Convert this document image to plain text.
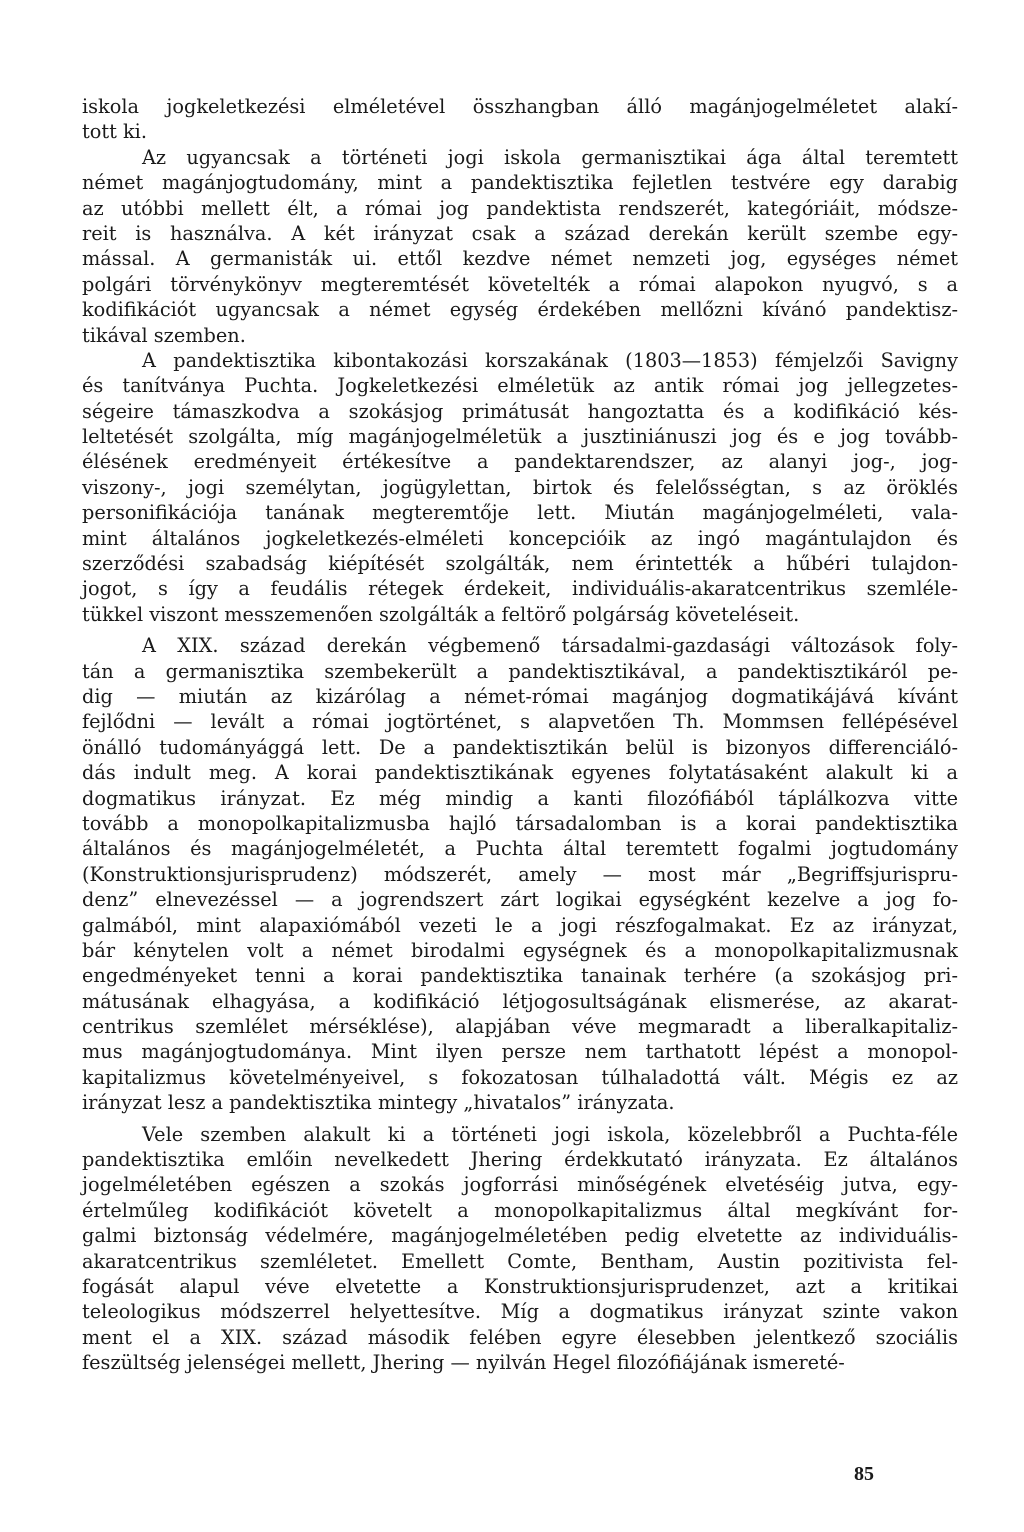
iskola jogkeletkezési elméletével összhangban álló magánjogelméletet alakí-
tott ki.
Az ugyancsak a történeti jogi iskola germanisztikai ága által teremtett
német magánjogtudomány, mint a pandektisztika fejletlen testvére egy darabig
az utóbbi mellett élt, a római jog pandektista rendszerét, kategóriáit, módsze-
reit is használva. A két irányzat csak a század derekán került szembe egy-
mással. A germanisták ui. ettől kezdve német nemzeti jog, egységes német
polgári törvénykönyv megteremtését követelték a római alapokon nyugvó, s a
kodifikációt ugyancsak a német egység érdekében mellőzni kívánó pandektisz-
tikával szemben.
A pandektisztika kibontakozási korszakának (1803—1853) fémjelzői Savigny
és tanítványa Puchta. Jogkeletkezési elméletük az antik római jog jellegzetes-
ségeire támaszkodva a szokásjog primátusát hangoztatta és a kodifikáció kés-
leltetését szolgálta, míg magánjogelméletük a jusztiniánuszi jog és e jog tovább-
élésének eredményeit értékesítve a pandektarendszer, az alanyi jog-, jog-
viszony-, jogi személytan, jogügylettan, birtok és felelősségtan, s az öröklés
personifikációja tanának megteremtője lett. Miután magánjogelméleti, vala-
mint általános jogkeletkezés-elméleti koncepcióik az ingó magántulajdon és
szerződési szabadság kiépítését szolgálták, nem érintették a hűbéri tulajdon-
jogot, s így a feudális rétegek érdekeit, individuális-akaratcentrikus szemléle-
tükkel viszont messzemenően szolgálták a feltörő polgárság követeléseit.
A XIX. század derekán végbemenő társadalmi-gazdasági változások foly-
tán a germanisztika szembekerült a pandektisztikával, a pandektisztikáról pe-
dig — miután az kizárólag a német-római magánjog dogmatikájává kívánt
fejlődni — levált a római jogtörténet, s alapvetően Th. Mommsen fellépésével
önálló tudományággá lett. De a pandektisztikán belül is bizonyos differenciáló-
dás indult meg. A korai pandektisztikának egyenes folytatásaként alakult ki a
dogmatikus irányzat. Ez még mindig a kanti filozófiából táplálkozva vitte
tovább a monopolkapitalizmusba hajló társadalomban is a korai pandektisztika
általános és magánjogelméletét, a Puchta által teremtett fogalmi jogtudomány
(Konstruktionsjurisprudenz) módszerét, amely — most már „Begriffsjurispru-
denz” elnevezéssel — a jogrendszert zárt logikai egységként kezelve a jog fo-
galmából, mint alapaxiómából vezeti le a jogi részfogalmakat. Ez az irányzat,
bár kénytelen volt a német birodalmi egységnek és a monopolkapitalizmusnak
engedményeket tenni a korai pandektisztika tanainak terhére (a szokásjog pri-
mátusának elhagyása, a kodifikáció létjogosultságának elismerése, az akarat-
centrikus szemlélet mérséklése), alapjában véve megmaradt a liberalkapitaliz-
mus magánjogtudománya. Mint ilyen persze nem tarthatott lépést a monopol-
kapitalizmus követelményeivel, s fokozatosan túlhaladottá vált. Mégis ez az
irányzat lesz a pandektisztika mintegy „hivatalos” irányzata.
Vele szemben alakult ki a történeti jogi iskola, közelebbről a Puchta-féle
pandektisztika emlőin nevelkedett Jhering érdekkutató irányzata. Ez általános
jogelméletében egészen a szokás jogforrási minőségének elvetéséig jutva, egy-
értelműleg kodifikációt követelt a monopolkapitalizmus által megkívánt for-
galmi biztonság védelmére, magánjogelméletében pedig elvetette az individuális-
akaratcentrikus szemléletet. Emellett Comte, Bentham, Austin pozitivista fel-
fogását alapul véve elvetette a Konstruktionsjurisprudenzet, azt a kritikai
teleologikus módszerrel helyettesítve. Míg a dogmatikus irányzat szinte vakon
ment el a XIX. század második felében egyre élesebben jelentkező szociális
feszültség jelenségei mellett, Jhering — nyilván Hegel filozófiájának ismereté-
85
